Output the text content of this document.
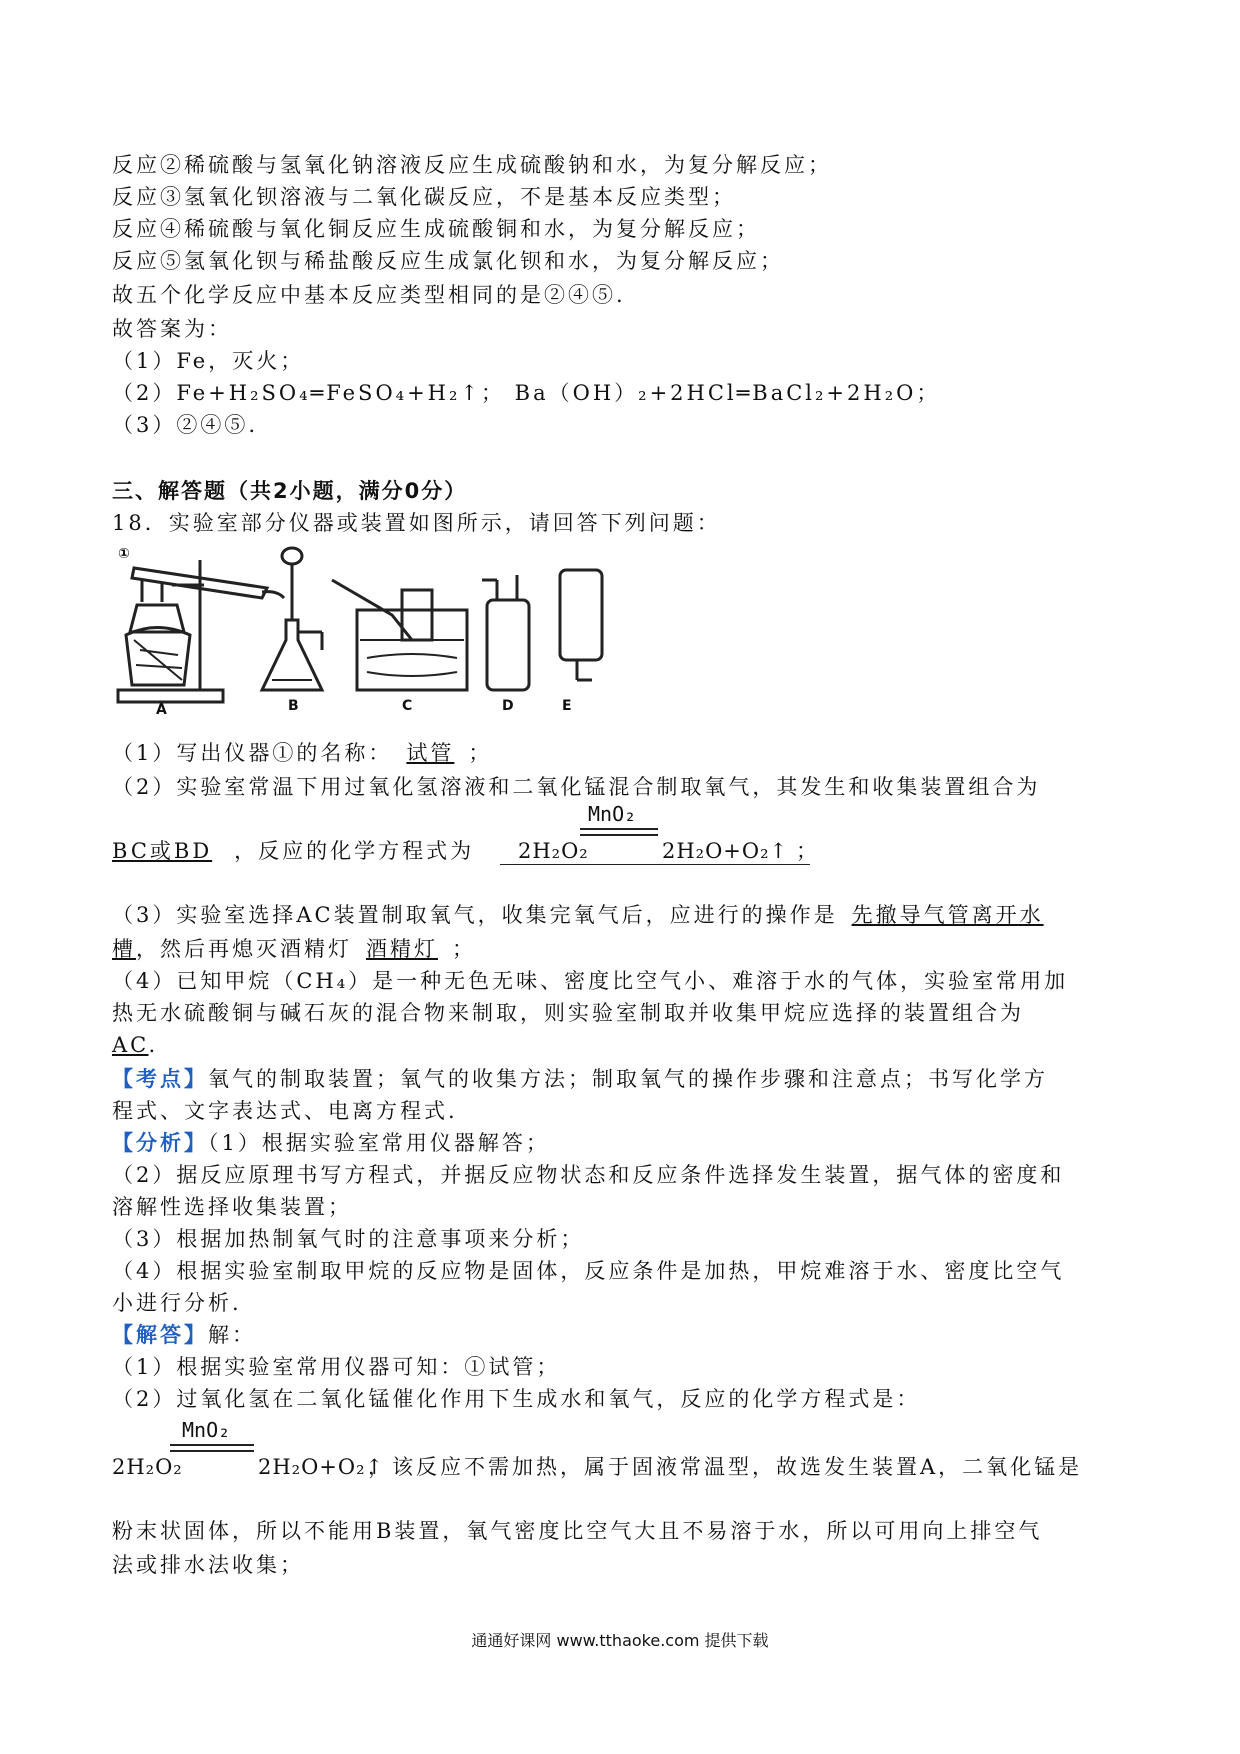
反应②稀硫酸与氢氧化钠溶液反应生成硫酸钠和水，为复分解反应；
反应③氢氧化钡溶液与二氧化碳反应，不是基本反应类型；
反应④稀硫酸与氧化铜反应生成硫酸铜和水，为复分解反应；
反应⑤氢氧化钡与稀盐酸反应生成氯化钡和水，为复分解反应；
故五个化学反应中基本反应类型相同的是②④⑤.
故答案为：
（1）Fe，灭火；
（2）Fe+H₂SO₄═FeSO₄+H₂↑； Ba（OH）₂+2HCl═BaCl₂+2H₂O；
（3）②④⑤.
三、解答题（共2小题，满分0分）
18．实验室部分仪器或装置如图所示，请回答下列问题：
①
A	B	C	D	E
（1）写出仪器①的名称： 试管 ；
（2）实验室常温下用过氧化氢溶液和二氧化锰混合制取氧气，其发生和收集装置组合为
BC或BD ，反应的化学方程式为 2H₂O₂
MnO₂
2H₂O+O₂↑ ；
（3）实验室选择AC装置制取氧气，收集完氧气后，应进行的操作是 先撤导气管离开水
槽，然后再熄灭酒精灯 酒精灯 ；
（4）已知甲烷（CH₄）是一种无色无味、密度比空气小、难溶于水的气体，实验室常用加
热无水硫酸铜与碱石灰的混合物来制取，则实验室制取并收集甲烷应选择的装置组合为
AC.
【考点】氧气的制取装置；氧气的收集方法；制取氧气的操作步骤和注意点；书写化学方
程式、文字表达式、电离方程式.
【分析】（1）根据实验室常用仪器解答；
（2）据反应原理书写方程式，并据反应物状态和反应条件选择发生装置，据气体的密度和
溶解性选择收集装置；
（3）根据加热制氧气时的注意事项来分析；
（4）根据实验室制取甲烷的反应物是固体，反应条件是加热，甲烷难溶于水、密度比空气
小进行分析.
【解答】解：
（1）根据实验室常用仪器可知：①试管；
（2）过氧化氢在二氧化锰催化作用下生成水和氧气，反应的化学方程式是：
2H₂O₂
MnO₂
2H₂O+O₂↑
，该反应不需加热，属于固液常温型，故选发生装置A，二氧化锰是
粉末状固体，所以不能用B装置，氧气密度比空气大且不易溶于水，所以可用向上排空气
法或排水法收集；
通通好课网 www.tthaoke.com 提供下载
